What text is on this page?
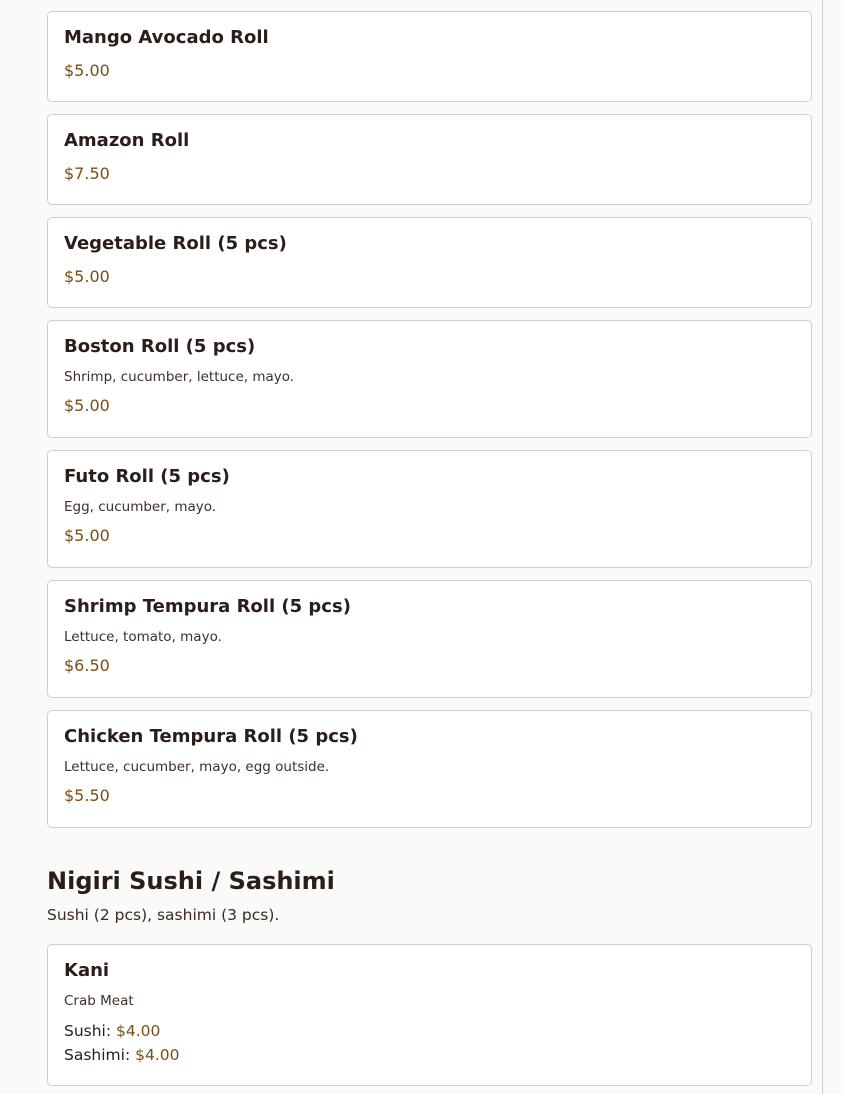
Mango Avocado Roll
$5.00
Amazon Roll
$7.50
Vegetable Roll (5 pcs)
$5.00
Boston Roll (5 pcs)
Shrimp, cucumber, lettuce, mayo.
$5.00
Futo Roll (5 pcs)
Egg, cucumber, mayo.
$5.00
Shrimp Tempura Roll (5 pcs)
Lettuce, tomato, mayo.
$6.50
Chicken Tempura Roll (5 pcs)
Lettuce, cucumber, mayo, egg outside.
$5.50
Nigiri Sushi / Sashimi
Sushi (2 pcs), sashimi (3 pcs).
Kani
Crab Meat
Sushi: $4.00
Sashimi: $4.00
